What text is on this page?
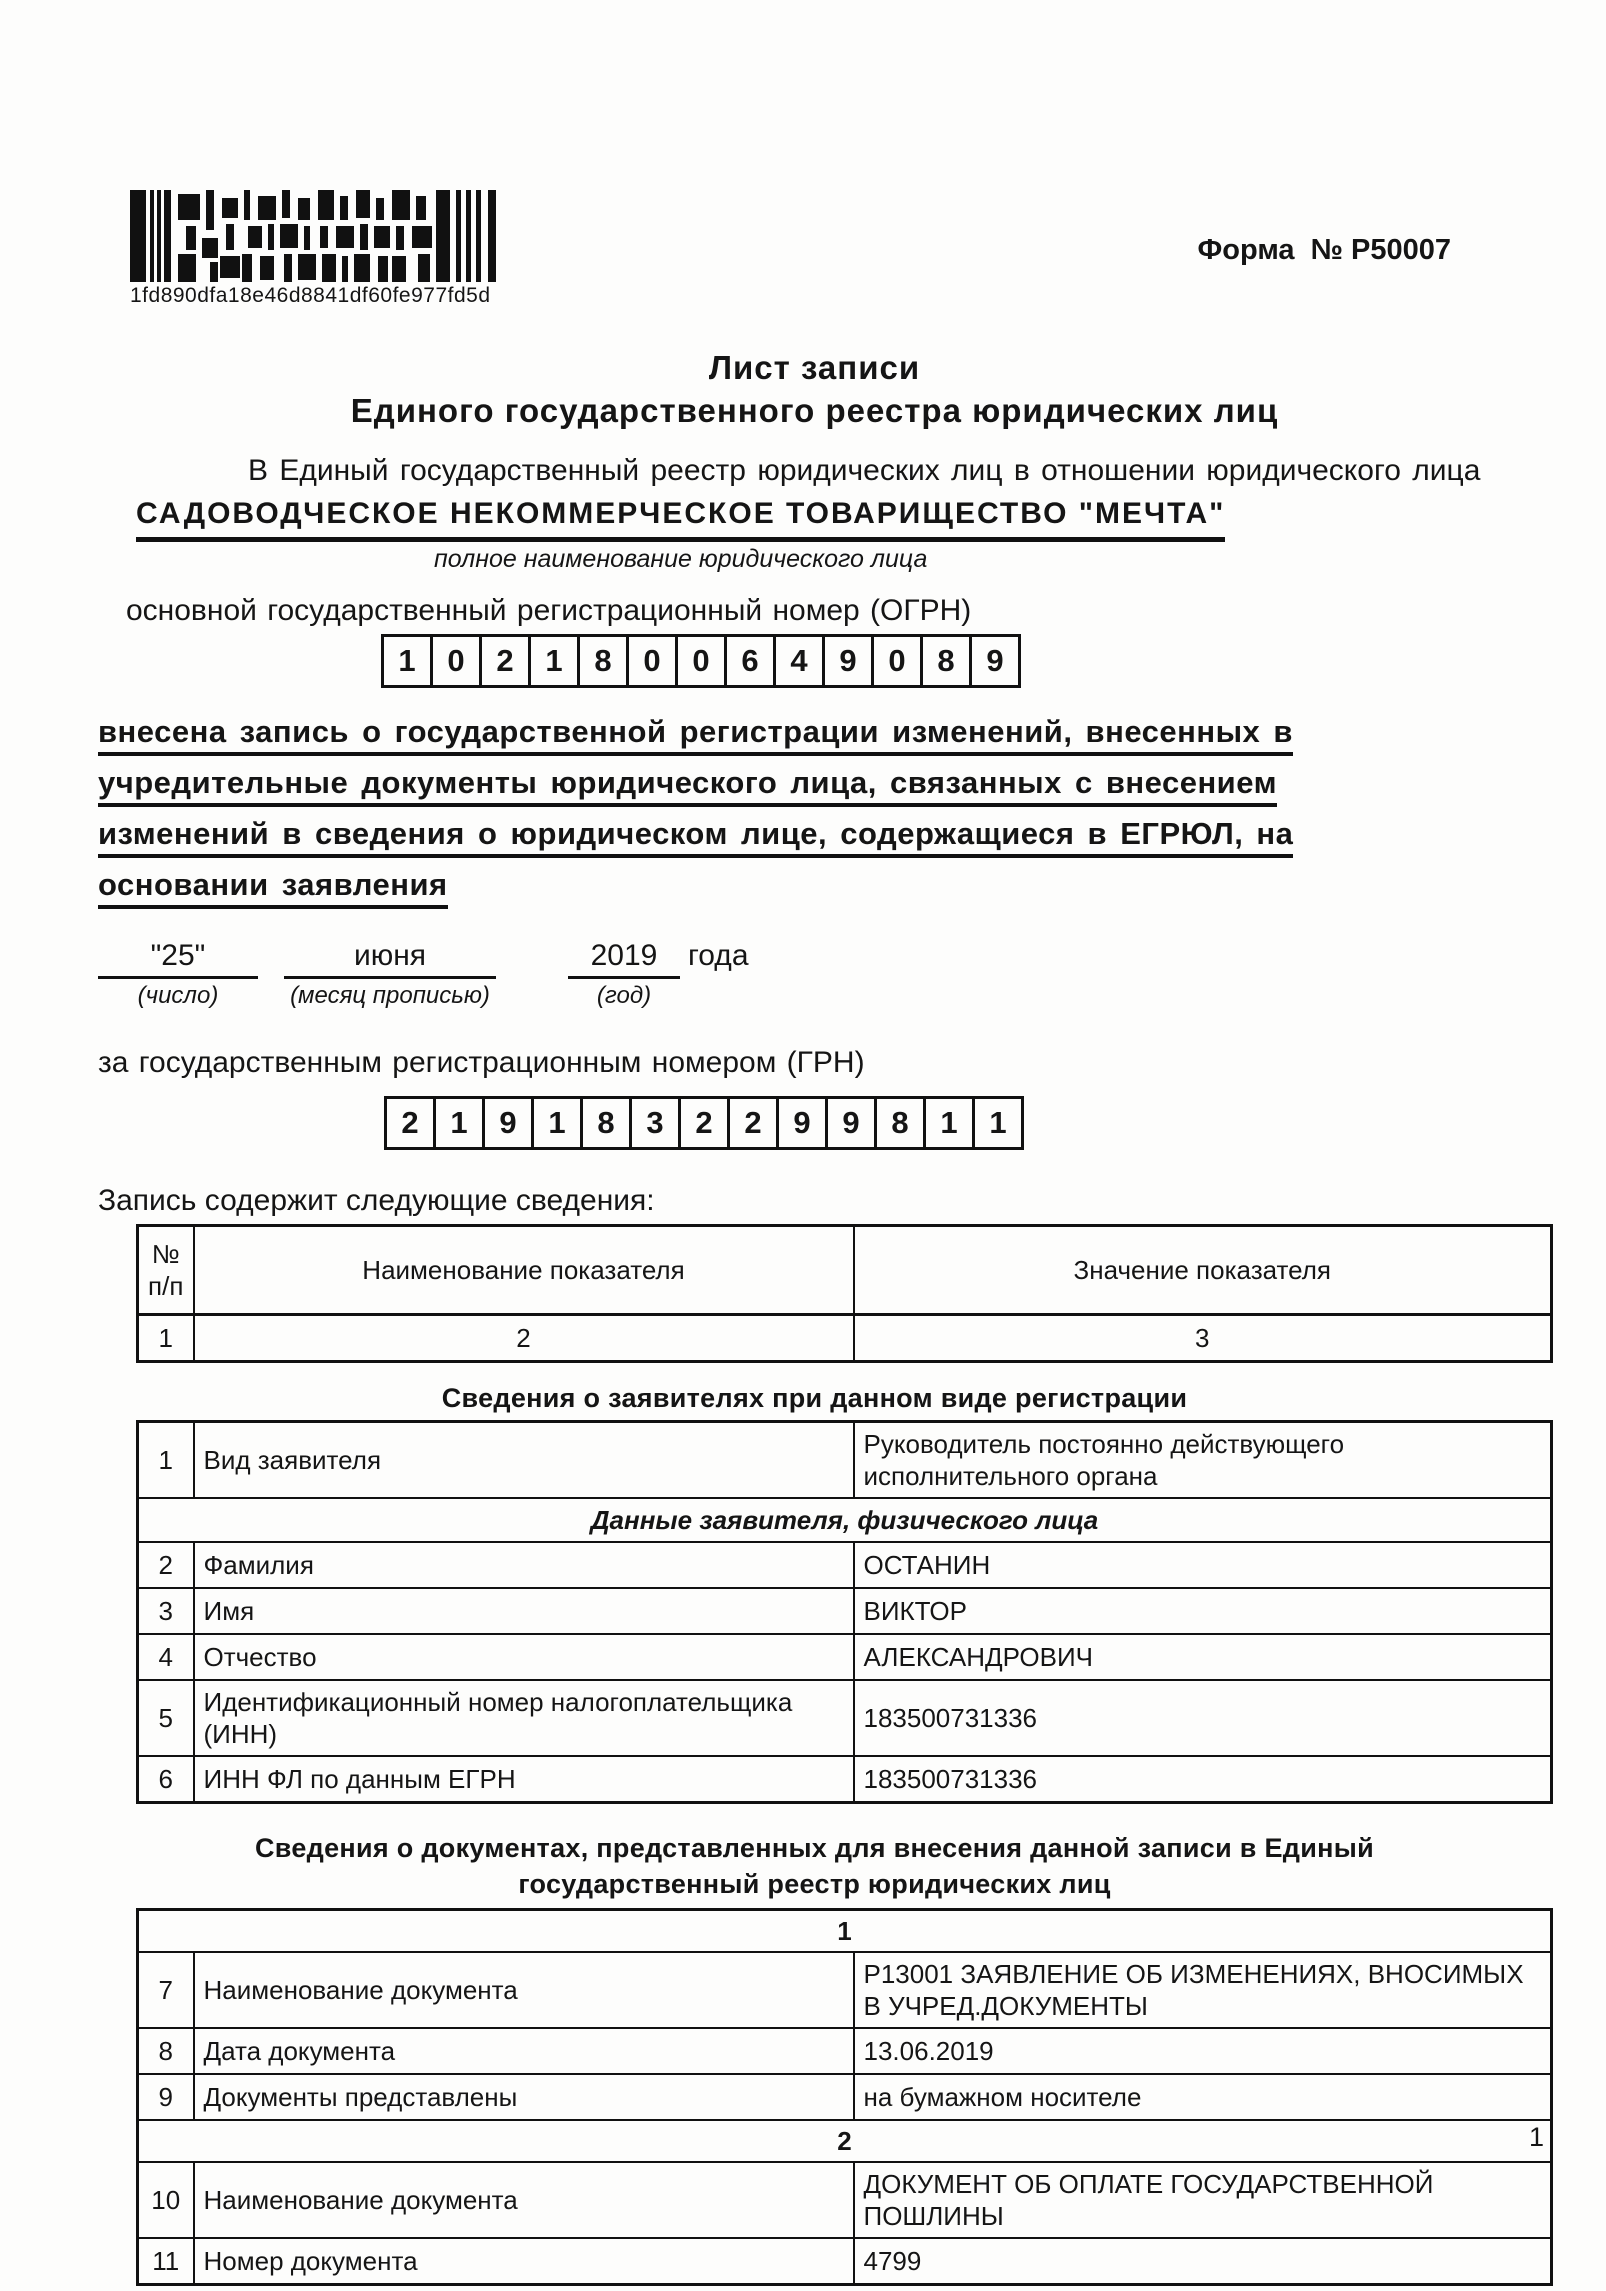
1fd890dfa18e46d8841df60fe977fd5d
Форма  № Р50007
Лист записи
Единого государственного реестра юридических лиц

В Единый государственный реестр юридических лиц в отношении юридического лица

САДОВОДЧЕСКОЕ НЕКОММЕРЧЕСКОЕ ТОВАРИЩЕСТВО "МЕЧТА"
полное наименование юридического лица

основной государственный регистрационный номер (ОГРН)

1	0	2	1	8	0	0	6	4	9	0	8	9
внесена запись о государственной регистрации изменений, внесенных в
учредительные документы юридического лица, связанных с внесением
изменений в сведения о юридическом лице, содержащиеся в ЕГРЮЛ, на
основании заявления
"25"
(число)
июня
(месяц прописью)
2019 года
(год)

за государственным регистрационным номером (ГРН)

2	1	9	1	8	3	2	2	9	9	8	1	1

Запись содержит следующие сведения:

№
п/п	Наименование показателя	Значение показателя
1	2	3
Сведения о заявителях при данном виде регистрации
1	Вид заявителя	Руководитель постоянно действующего исполнительного органа
Данные заявителя, физического лица		
2	Фамилия	ОСТАНИН
3	Имя	ВИКТОР
4	Отчество	АЛЕКСАНДРОВИЧ
5	Идентификационный номер налогоплательщика (ИНН)	183500731336
6	ИНН ФЛ по данным ЕГРН	183500731336
Сведения о документах, представленных для внесения данной записи в Единый государственный реестр юридических лиц
1		
7	Наименование документа	Р13001 ЗАЯВЛЕНИЕ ОБ ИЗМЕНЕНИЯХ, ВНОСИМЫХ В УЧРЕД.ДОКУМЕНТЫ
8	Дата документа	13.06.2019
9	Документы представлены	на бумажном носителе
2		
10	Наименование документа	ДОКУМЕНТ ОБ ОПЛАТЕ ГОСУДАРСТВЕННОЙ ПОШЛИНЫ
11	Номер документа	4799
1
